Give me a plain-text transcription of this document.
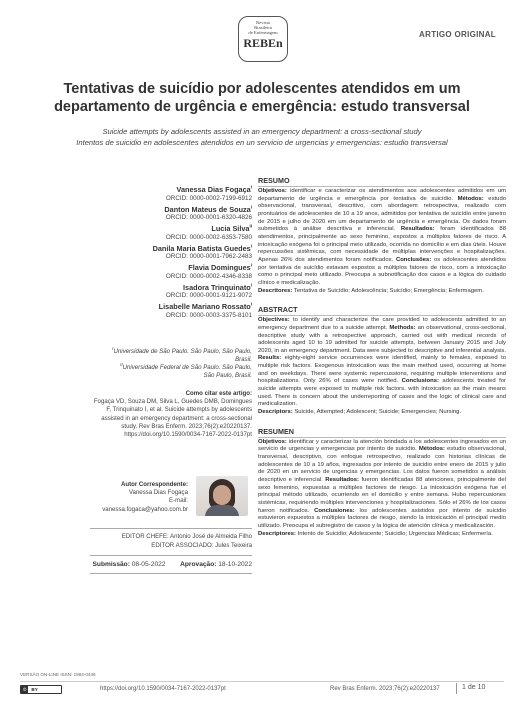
Revista
Brasileira
de Enfermagem
REBEn
ARTIGO ORIGINAL
Tentativas de suicídio por adolescentes atendidos em um departamento de urgência e emergência: estudo transversal
Suicide attempts by adolescents assisted in an emergency department: a cross-sectional study
Intentos de suicidio en adolescentes atendidos en un servicio de urgencias y emergencias: estudio transversal
Vanessa Dias Fogaça$^I$
ORCID: 0000-0002-7199-6912
Danton Mateus de Souza$^I$
ORCID: 0000-0001-6320-4826
Lucia Silva$^{II}$
ORCID: 0000-0002-6353-7580
Danila Maria Batista Guedes$^I$
ORCID: 0000-0001-7962-2483
Flavia Domingues$^I$
ORCID: 0000-0002-4346-8338
Isadora Trinquinato$^I$
ORCID: 0000-0001-9121-9072
Lisabelle Mariano Rossato$^I$
ORCID: 0000-0003-3375-8101
$^I$Universidade de São Paulo. São Paulo, São Paulo, Brasil.
$^{II}$Universidade Federal de São Paulo. São Paulo, São Paulo, Brasil.
Como citar este artigo:
Fogaça VD, Souza DM, Silva L, Guedes DMB, Domingues F, Trinquinato I, et al. Suicide attempts by adolescents assisted in an emergency department: a cross-sectional study. Rev Bras Enferm. 2023;76(2):e20220137. https://doi.org/10.1590/0034-7167-2022-0137pt
Autor Correspondente:
Vanessa Dias Fogaça
E-mail: vanessa.fogaca@yahoo.com.br
EDITOR CHEFE: Antonio José de Almeida Filho
EDITOR ASSOCIADO: Jules Teixeira
Submissão: 08-05-2022 Aprovação: 18-10-2022
RESUMO
Objetivos: identificar e caracterizar os atendimentos aos adolescentes admitidos em um departamento de urgência e emergência por tentativa de suicídio. Métodos: estudo observacional, transversal, descritivo, com abordagem retrospectiva, realizado com prontuários de adolescentes de 10 a 19 anos, admitidos por tentativa de suicídio entre janeiro de 2015 e julho de 2020 em um departamento de urgência e emergência. Os dados foram submetidos à análise descritiva e inferencial. Resultados: foram identificados 88 atendimentos, principalmente ao sexo feminino, expostos a múltiplos fatores de risco. A intoxicação exógena foi o principal meio utilizado, ocorrida no domicílio e em dias úteis. Houve repercussões sistêmicas, com necessidade de múltiplas intervenções e hospitalizações. Apenas 26% dos atendimentos foram notificados. Conclusões: os adolescentes atendidos por tentativa de suicídio estavam expostos a múltiplos fatores de risco, com a intoxicação como o principal meio utilizado. Preocupa a subnotificação dos casos e a lógica do cuidado clínico e medicalização.
Descritores: Tentativa de Suicídio; Adolescência; Suicídio; Emergência; Enfermagem.
ABSTRACT
Objectives: to identify and characterize the care provided to adolescents admitted to an emergency department due to a suicide attempt. Methods: an observational, cross-sectional, descriptive study with a retrospective approach, carried out with medical records of adolescents aged 10 to 19 admitted for suicide attempts, between January 2015 and July 2020, in an emergency department. Data were subjected to descriptive and inferential analysis. Results: eighty-eight service occurrences were identified, mainly to females, exposed to multiple risk factors. Exogenous intoxication was the main method used, occurring at home and on weekdays. There were systemic repercussions, requiring multiple interventions and hospitalizations. Only 26% of cases were notified. Conclusions: adolescents treated for suicide attempts were exposed to multiple risk factors, with intoxication as the main means used. There is concern about the underreporting of cases and the logic of clinical care and medicalization.
Descriptors: Suicide, Attempted; Adolescent; Suicide; Emergencies; Nursing.
RESUMEN
Objetivos: identificar y caracterizar la atención brindada a los adolescentes ingresados en un servicio de urgencias y emergencias por intento de suicidio. Métodos: estudio observacional, transversal, descriptivo, con enfoque retrospectivo, realizado con historias clínicas de adolescentes de 10 a 19 años, ingresados por intento de suicidio entre enero de 2015 y julio de 2020 en un servicio de urgencias y emergencias. Los datos fueron sometidos a análisis descriptivo e inferencial. Resultados: fueron identificadas 88 atenciones, principalmente del sexo femenino, expuestas a múltiples factores de riesgo. La intoxicación exógena fue el principal método utilizado, ocurriendo en el domicilio y entre semana. Hubo repercusiones sistémicas, requiriendo múltiples intervenciones y hospitalizaciones. Sólo el 26% de los casos fueron notificados. Conclusiones: los adolescentes asistidos por intento de suicidio estuvieron expuestos a múltiples factores de riesgo, siendo la intoxicación el principal medio utilizado. Preocupa el subregistro de casos y la lógica de atención clínica y medicalización.
Descriptores: Intento de Suicidio; Adolescente; Suicidio; Urgencias Médicas; Enfermería.
VERSÃO ON-LINE ISSN: 1984-0446
©	BY	https://doi.org/10.1590/0034-7167-2022-0137pt	Rev Bras Enferm. 2023;76(2):e20220137	1 de 10
